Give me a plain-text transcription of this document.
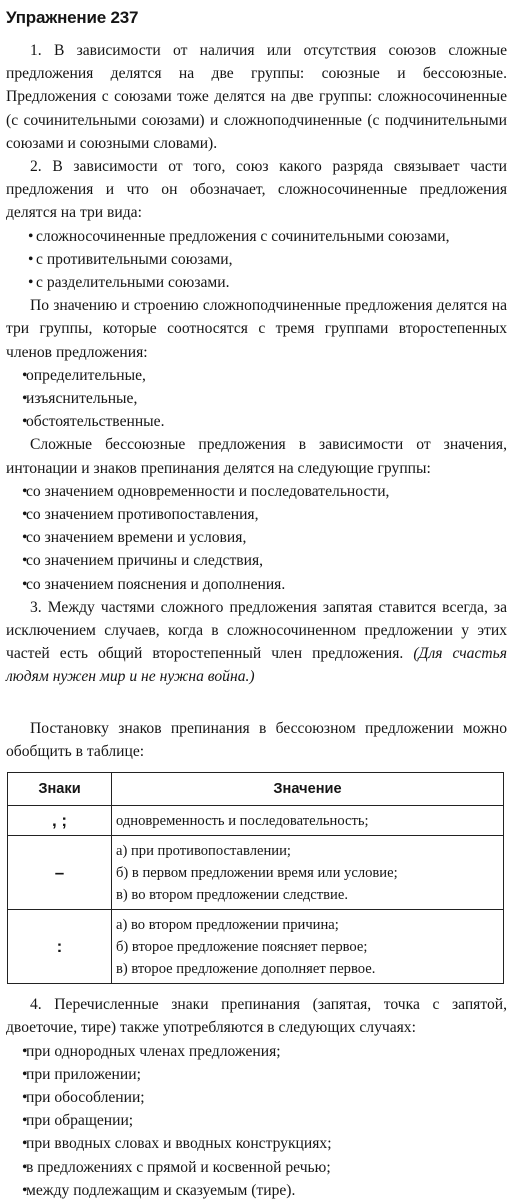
Упражнение 237

1. В зависимости от наличия или отсутствия союзов сложные предложения делятся на две группы: союзные и бессоюзные. Предложения с союзами тоже делятся на две группы: сложносочиненные (с сочинительными союзами) и сложноподчиненные (с подчинительными союзами и союзными словами).

2. В зависимости от того, союз какого разряда связывает части предложения и что он обозначает, сложносочиненные предложения делятся на три вида:

• сложносочиненные предложения с сочинительными союзами,
• с противительными союзами,
• с разделительными союзами.

По значению и строению сложноподчиненные предложения делятся на три группы, которые соотносятся с тремя группами второстепенных членов предложения:

• определительные,
• изъяснительные,
• обстоятельственные.

Сложные бессоюзные предложения в зависимости от значения, интонации и знаков препинания делятся на следующие группы:

• со значением одновременности и последовательности,
• со значением противопоставления,
• со значением времени и условия,
• со значением причины и следствия,
• со значением пояснения и дополнения.

3. Между частями сложного предложения запятая ставится всегда, за исключением случаев, когда в сложносочиненном предложении у этих частей есть общий второстепенный член предложения. (Для счастья людям нужен мир и не нужна война.)

Постановку знаков препинания в бессоюзном предложении можно обобщить в таблице:

Знаки	Значение
, ;	одновременность и последовательность;

–	а) при противопоставлении;
б) в первом предложении время или условие;
в) во втором предложении следствие.

:	а) во втором предложении причина;
б) второе предложение поясняет первое;
в) второе предложение дополняет первое.

4. Перечисленные знаки препинания (запятая, точка с запятой, двоеточие, тире) также употребляются в следующих случаях:

• при однородных членах предложения;
• при приложении;
• при обособлении;
• при обращении;
• при вводных словах и вводных конструкциях;
• в предложениях с прямой и косвенной речью;
• между подлежащим и сказуемым (тире).
